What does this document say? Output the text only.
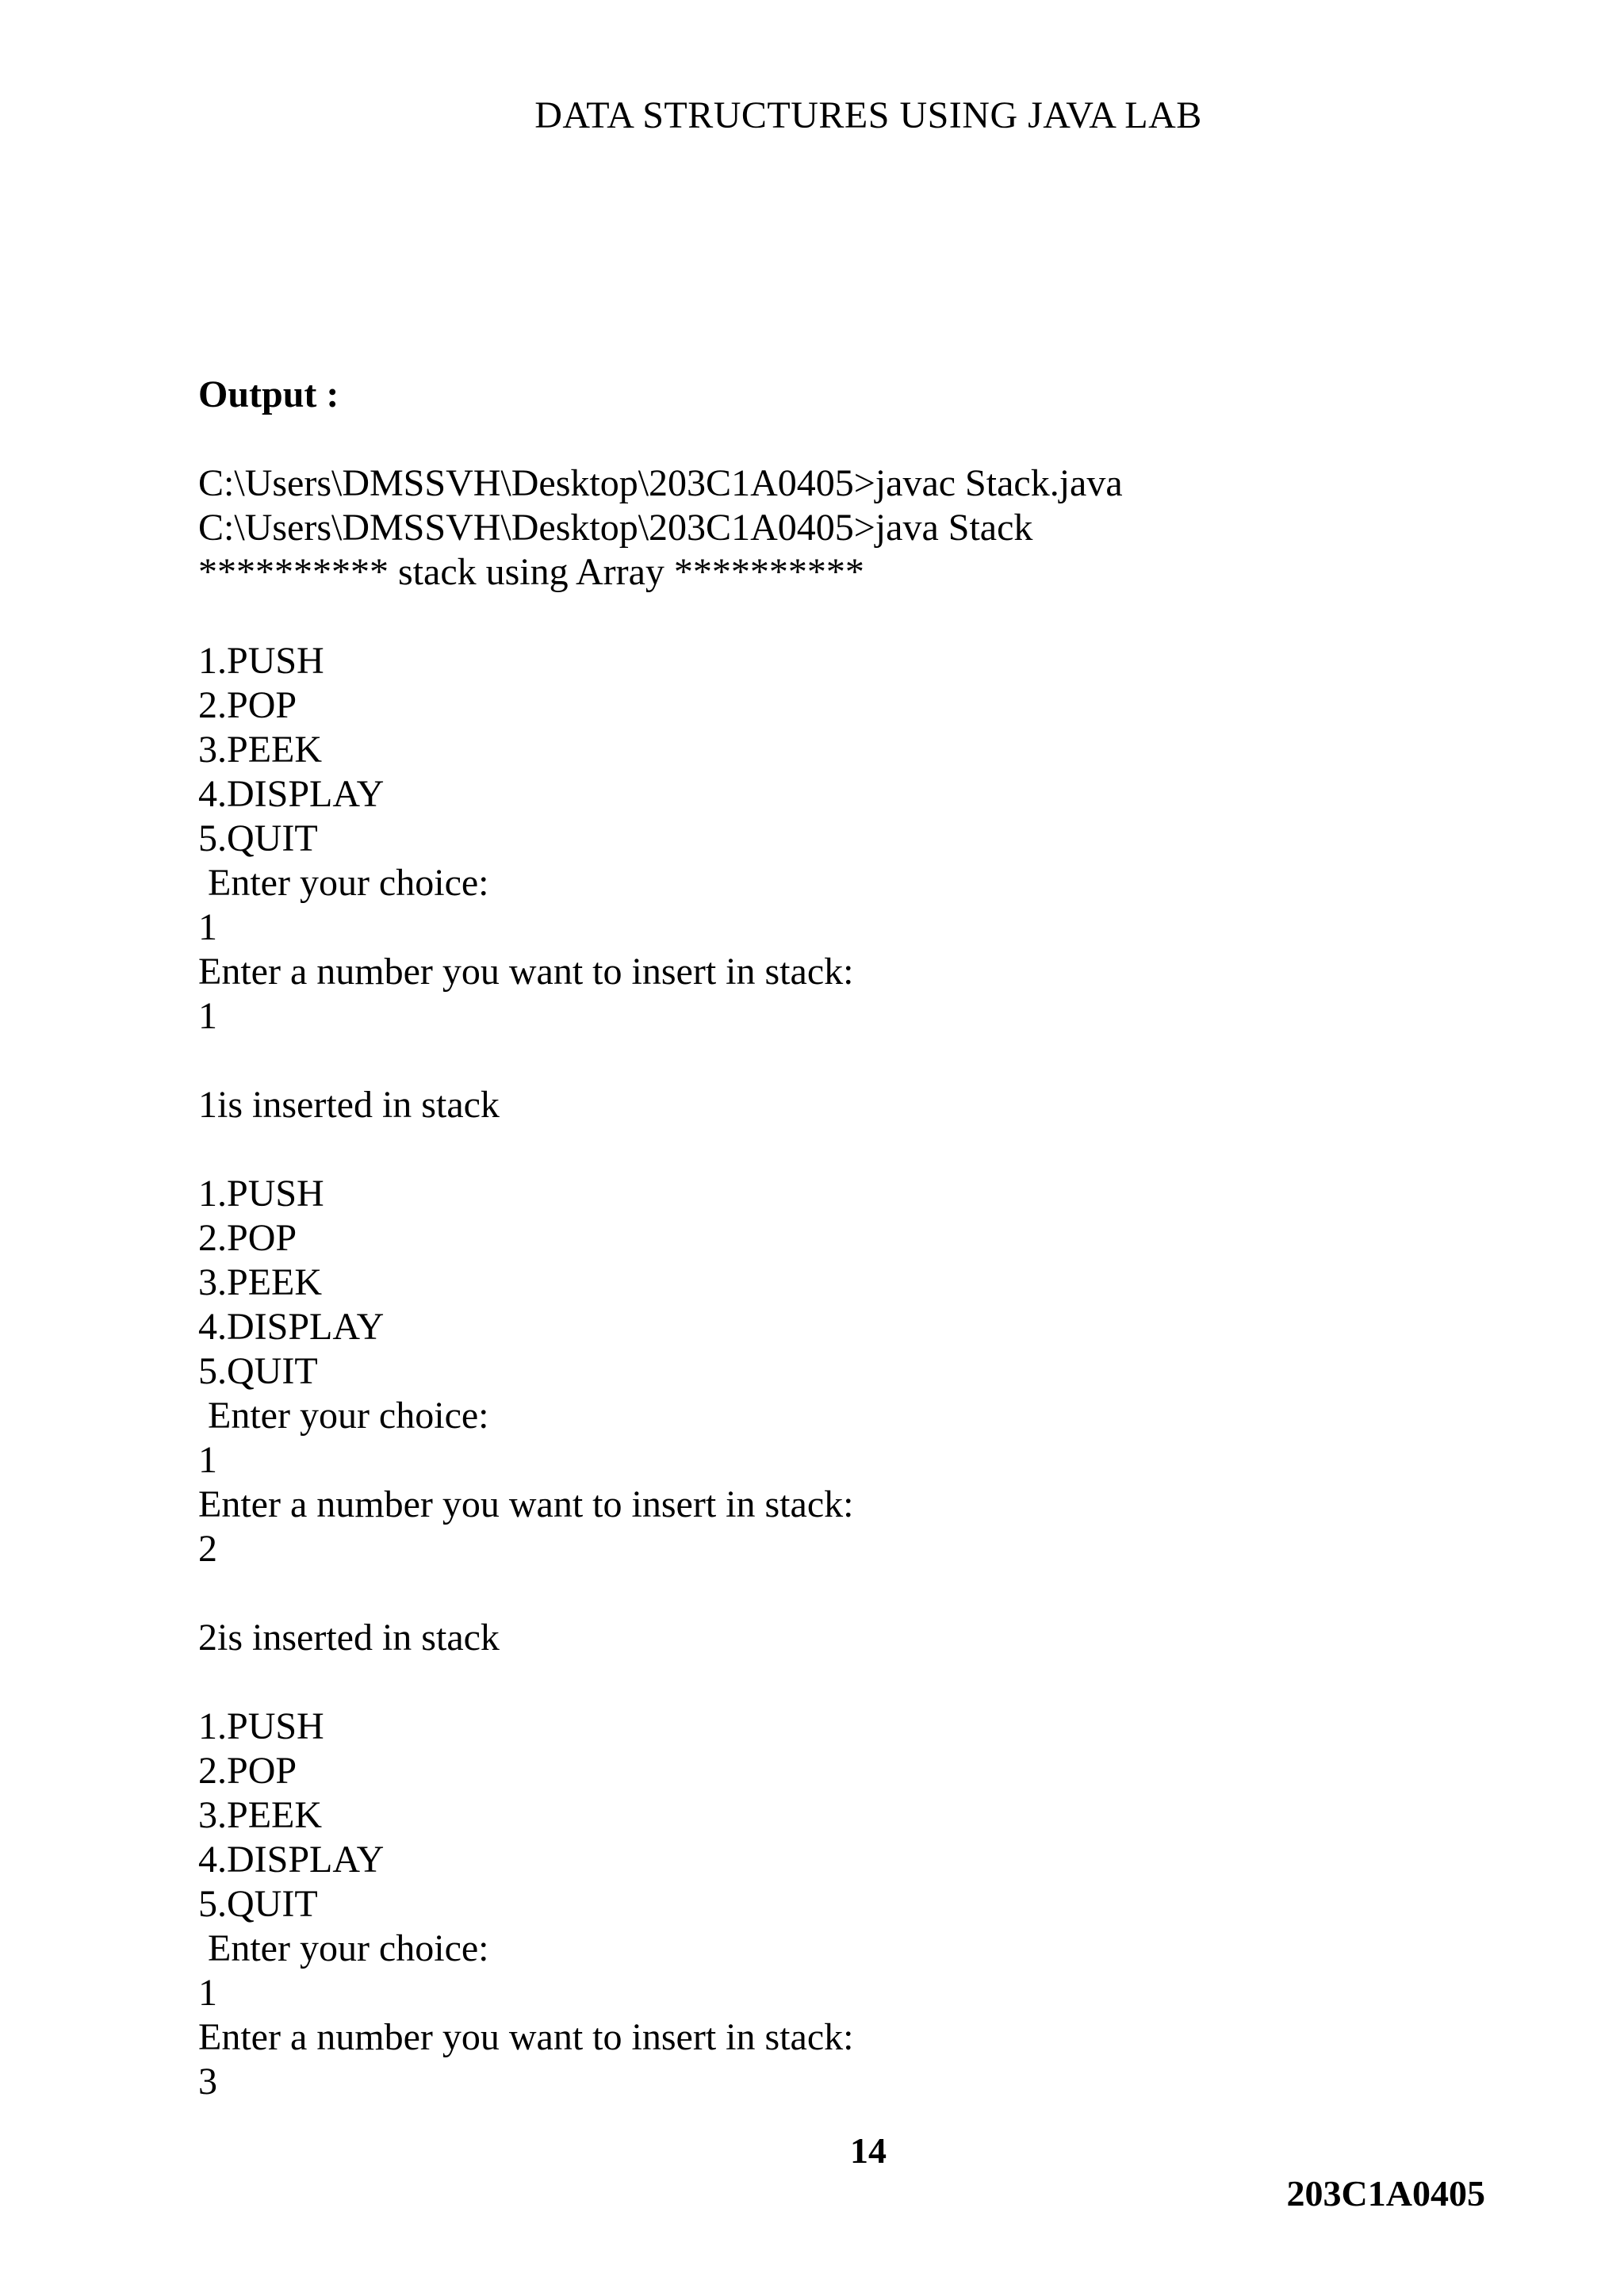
DATA STRUCTURES USING JAVA LAB
Output :
C:\Users\DMSSVH\Desktop\203C1A0405>javac Stack.java
C:\Users\DMSSVH\Desktop\203C1A0405>java Stack
********** stack using Array **********
1.PUSH
2.POP
3.PEEK
4.DISPLAY
5.QUIT
Enter your choice:
1
Enter a number you want to insert in stack:
1
1is inserted in stack
1.PUSH
2.POP
3.PEEK
4.DISPLAY
5.QUIT
Enter your choice:
1
Enter a number you want to insert in stack:
2
2is inserted in stack
1.PUSH
2.POP
3.PEEK
4.DISPLAY
5.QUIT
Enter your choice:
1
Enter a number you want to insert in stack:
3
14
203C1A0405
